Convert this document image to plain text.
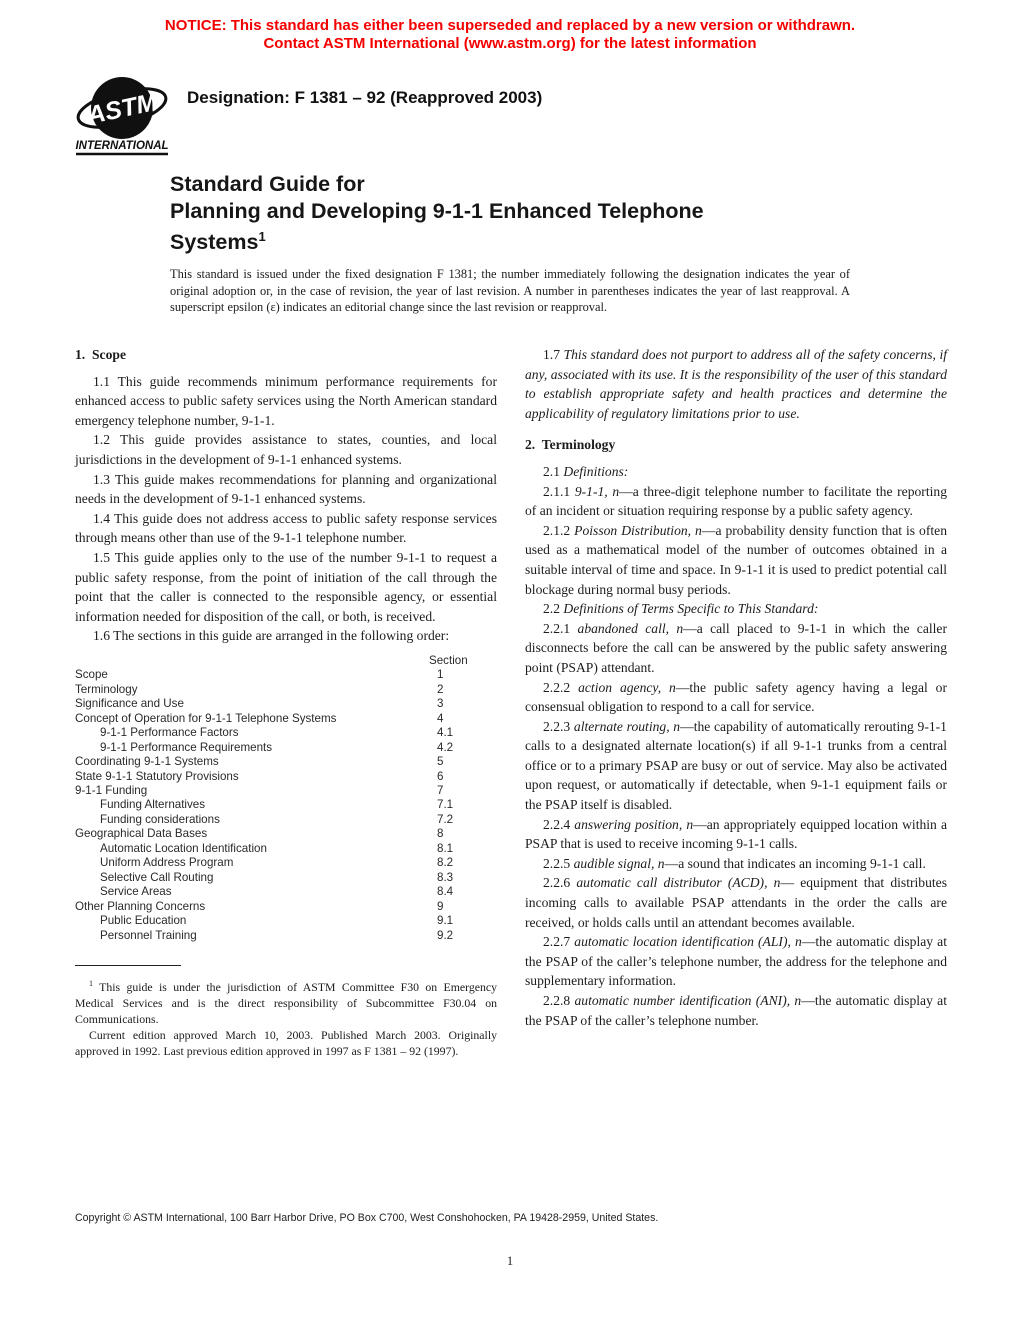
NOTICE: This standard has either been superseded and replaced by a new version or withdrawn.
Contact ASTM International (www.astm.org) for the latest information
ASTM
INTERNATIONAL
Designation: F 1381 – 92 (Reapproved 2003)
Standard Guide for
Planning and Developing 9-1-1 Enhanced Telephone
Systems$^1$
This standard is issued under the fixed designation F 1381; the number immediately following the designation indicates the year of original adoption or, in the case of revision, the year of last revision. A number in parentheses indicates the year of last reapproval. A superscript epsilon (ε) indicates an editorial change since the last revision or reapproval.
1.  Scope

1.1 This guide recommends minimum performance requirements for enhanced access to public safety services using the North American standard emergency telephone number, 9-1-1.

1.2 This guide provides assistance to states, counties, and local jurisdictions in the development of 9-1-1 enhanced systems.

1.3 This guide makes recommendations for planning and organizational needs in the development of 9-1-1 enhanced systems.

1.4 This guide does not address access to public safety response services through means other than use of the 9-1-1 telephone number.

1.5 This guide applies only to the use of the number 9-1-1 to request a public safety response, from the point of initiation of the call through the point that the caller is connected to the responsible agency, or essential information needed for disposition of the call, or both, is received.

1.6 The sections in this guide are arranged in the following order:

Section
Scope	1
Terminology	2
Significance and Use	3
Concept of Operation for 9-1-1 Telephone Systems	4
9-1-1 Performance Factors	4.1
9-1-1 Performance Requirements	4.2
Coordinating 9-1-1 Systems	5
State 9-1-1 Statutory Provisions	6
9-1-1 Funding	7
Funding Alternatives	7.1
Funding considerations	7.2
Geographical Data Bases	8
Automatic Location Identification	8.1
Uniform Address Program	8.2
Selective Call Routing	8.3
Service Areas	8.4
Other Planning Concerns	9
Public Education	9.1
Personnel Training	9.2

$^1$ This guide is under the jurisdiction of ASTM Committee F30 on Emergency Medical Services and is the direct responsibility of Subcommittee F30.04 on Communications.

Current edition approved March 10, 2003. Published March 2003. Originally approved in 1992. Last previous edition approved in 1997 as F 1381 – 92 (1997).

1.7 This standard does not purport to address all of the safety concerns, if any, associated with its use. It is the responsibility of the user of this standard to establish appropriate safety and health practices and determine the applicability of regulatory limitations prior to use.

2.  Terminology

2.1 Definitions:

2.1.1 9-1-1, n—a three-digit telephone number to facilitate the reporting of an incident or situation requiring response by a public safety agency.

2.1.2 Poisson Distribution, n—a probability density function that is often used as a mathematical model of the number of outcomes obtained in a suitable interval of time and space. In 9-1-1 it is used to predict potential call blockage during normal busy periods.

2.2 Definitions of Terms Specific to This Standard:

2.2.1 abandoned call, n—a call placed to 9-1-1 in which the caller disconnects before the call can be answered by the public safety answering point (PSAP) attendant.

2.2.2 action agency, n—the public safety agency having a legal or consensual obligation to respond to a call for service.

2.2.3 alternate routing, n—the capability of automatically rerouting 9-1-1 calls to a designated alternate location(s) if all 9-1-1 trunks from a central office or to a primary PSAP are busy or out of service. May also be activated upon request, or automatically if detectable, when 9-1-1 equipment fails or the PSAP itself is disabled.

2.2.4 answering position, n—an appropriately equipped location within a PSAP that is used to receive incoming 9-1-1 calls.

2.2.5 audible signal, n—a sound that indicates an incoming 9-1-1 call.

2.2.6 automatic call distributor (ACD), n— equipment that distributes incoming calls to available PSAP attendants in the order the calls are received, or holds calls until an attendant becomes available.

2.2.7 automatic location identification (ALI), n—the automatic display at the PSAP of the caller’s telephone number, the address for the telephone and supplementary information.

2.2.8 automatic number identification (ANI), n—the automatic display at the PSAP of the caller’s telephone number.

Copyright © ASTM International, 100 Barr Harbor Drive, PO Box C700, West Conshohocken, PA 19428-2959, United States.
1
